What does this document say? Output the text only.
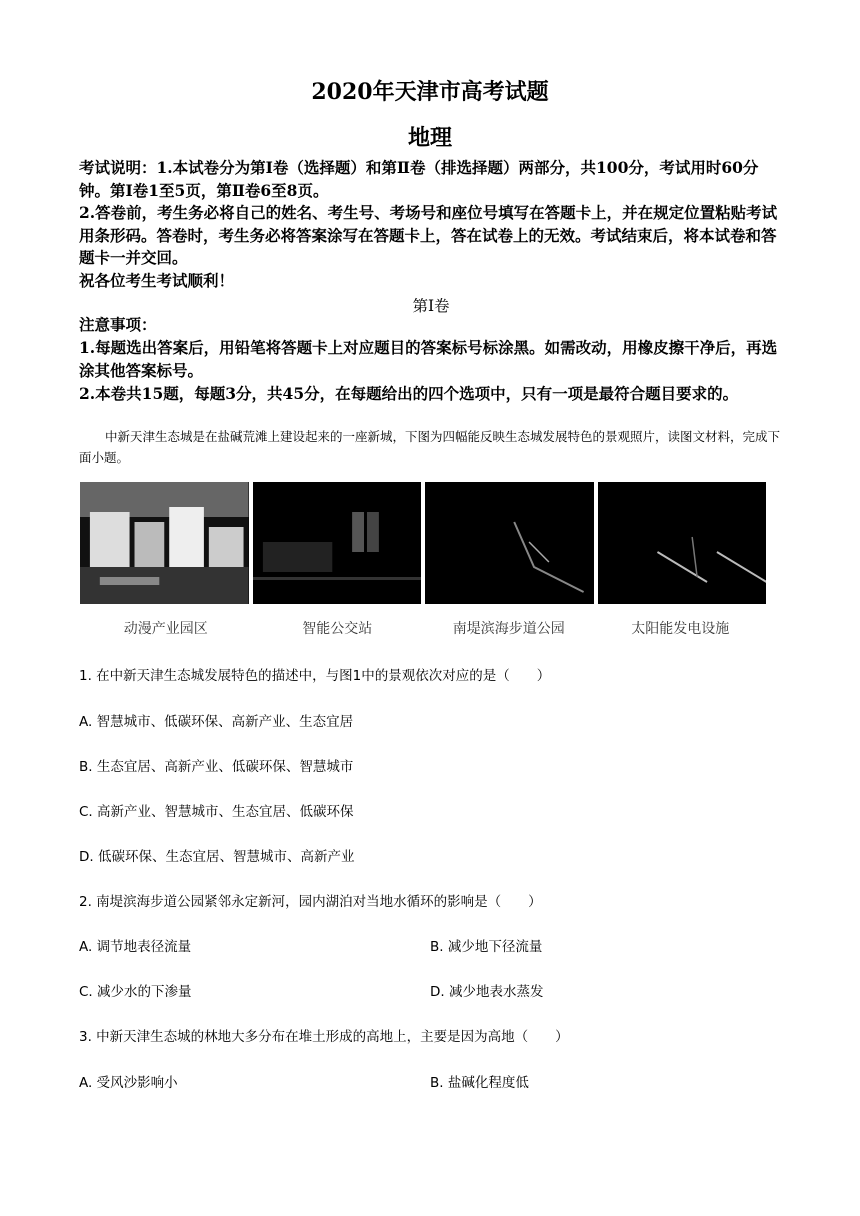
2020年天津市高考试题
地理

考试说明：1.本试卷分为第Ⅰ卷（选择题）和第Ⅱ卷（排选择题）两部分，共100分，考试用时60分钟。第Ⅰ卷1至5页，第Ⅱ卷6至8页。

2.答卷前，考生务必将自己的姓名、考生号、考场号和座位号填写在答题卡上，并在规定位置粘贴考试用条形码。答卷时，考生务必将答案涂写在答题卡上，答在试卷上的无效。考试结束后，将本试卷和答题卡一并交回。

祝各位考生考试顺利！

第Ⅰ卷

注意事项：

1.每题选出答案后，用铅笔将答题卡上对应题目的答案标号标涂黑。如需改动，用橡皮擦干净后，再选涂其他答案标号。

2.本卷共15题，每题3分，共45分，在每题给出的四个选项中，只有一项是最符合题目要求的。

中新天津生态城是在盐碱荒滩上建设起来的一座新城，下图为四幅能反映生态城发展特色的景观照片，读图文材料，完成下面小题。
动漫产业园区	智能公交站	南堤滨海步道公园	太阳能发电设施
1. 在中新天津生态城发展特色的描述中，与图1中的景观依次对应的是（　　）
A. 智慧城市、低碳环保、高新产业、生态宜居
B. 生态宜居、高新产业、低碳环保、智慧城市
C. 高新产业、智慧城市、生态宜居、低碳环保
D. 低碳环保、生态宜居、智慧城市、高新产业
2. 南堤滨海步道公园紧邻永定新河，园内湖泊对当地水循环的影响是（　　）
A. 调节地表径流量	B. 减少地下径流量
C. 减少水的下渗量	D. 减少地表水蒸发
3. 中新天津生态城的林地大多分布在堆土形成的高地上，主要是因为高地（　　）
A. 受风沙影响小	B. 盐碱化程度低
